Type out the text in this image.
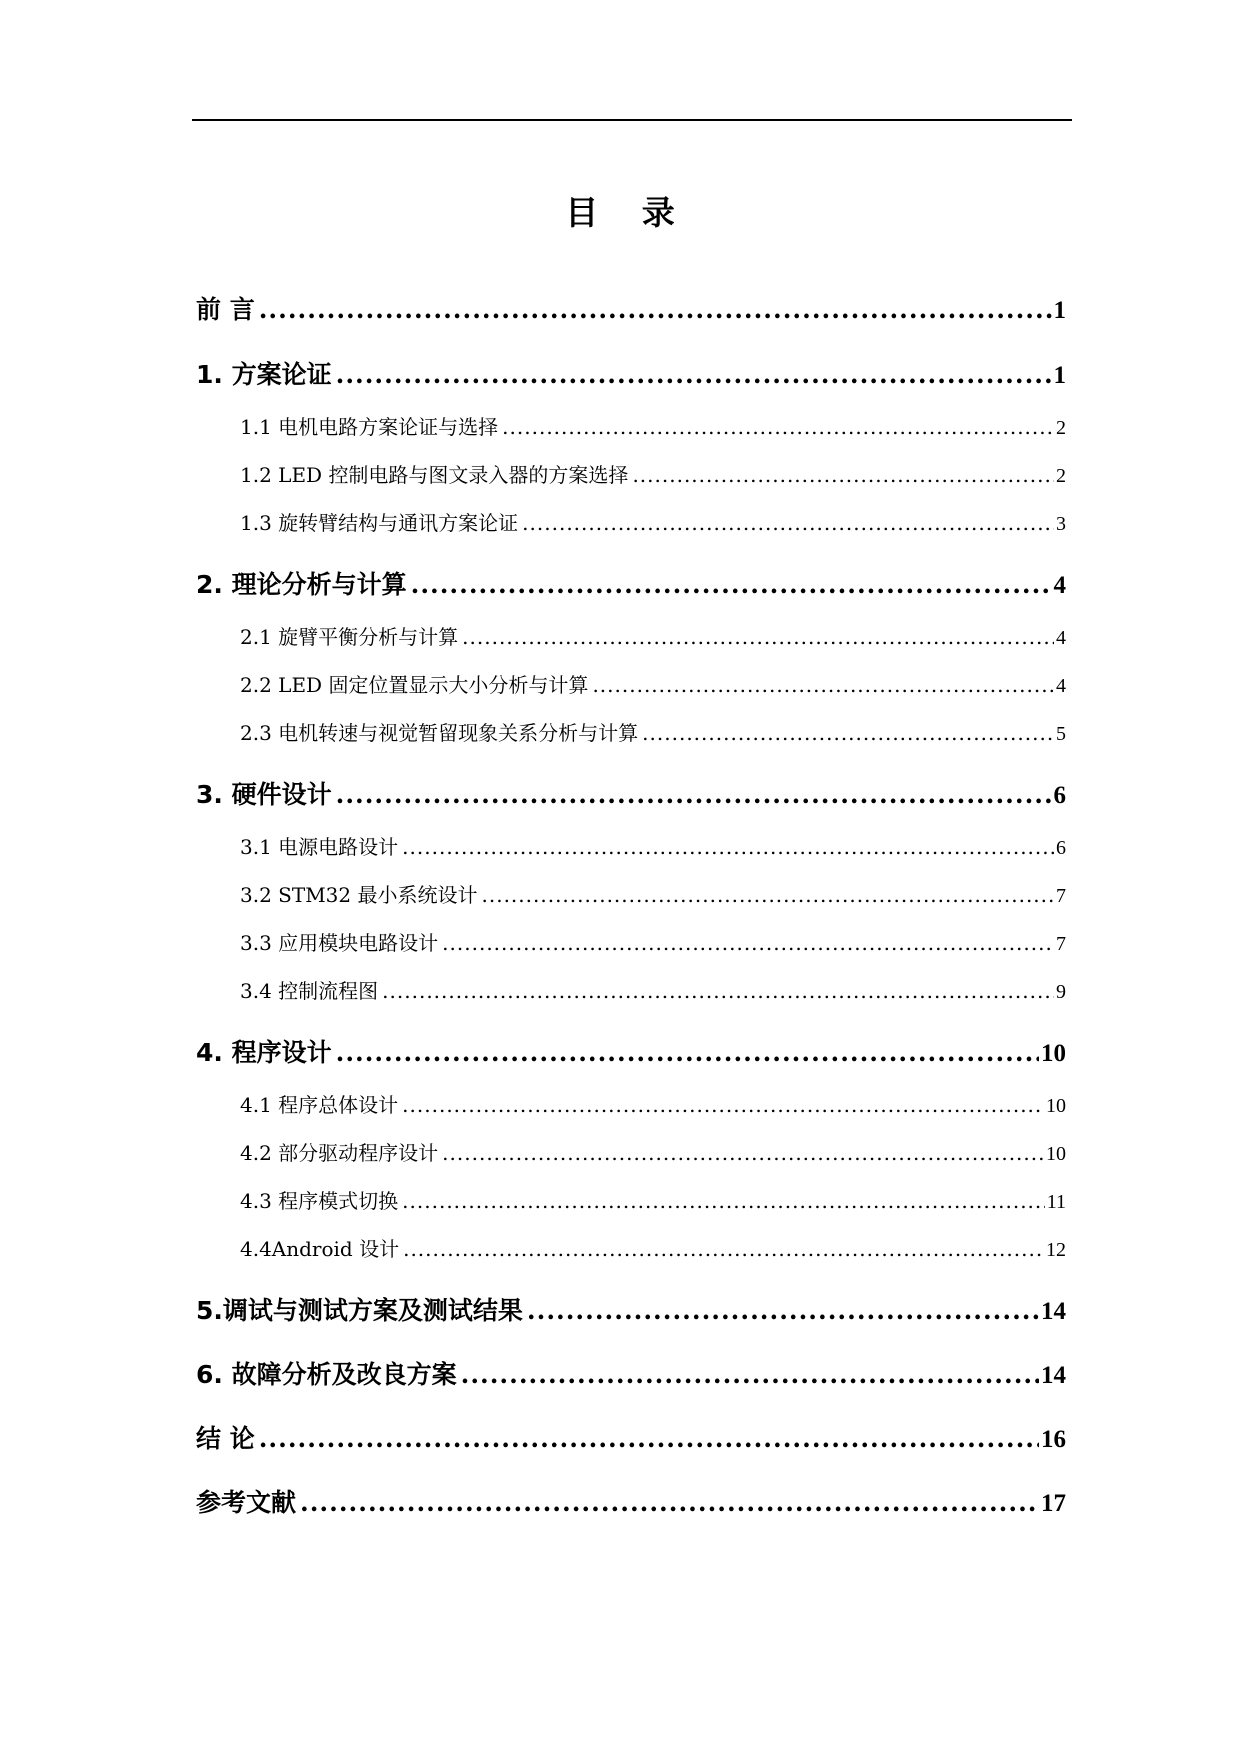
目 录
前 言 .....	1
1. 方案论证 .....	1
1.1 电机电路方案论证与选择 .....	2
1.2 LED 控制电路与图文录入器的方案选择 .....	2
1.3 旋转臂结构与通讯方案论证 .....	3
2. 理论分析与计算 .....	4
2.1 旋臂平衡分析与计算 .....	4
2.2 LED 固定位置显示大小分析与计算 .....	4
2.3 电机转速与视觉暂留现象关系分析与计算 .....	5
3. 硬件设计 .....	6
3.1 电源电路设计 .....	6
3.2 STM32 最小系统设计 .....	7
3.3 应用模块电路设计 .....	7
3.4 控制流程图 .....	9
4. 程序设计 .....	10
4.1 程序总体设计 .....	10
4.2 部分驱动程序设计 .....	10
4.3 程序模式切换 .....	11
4.4Android 设计 .....	12
5.调试与测试方案及测试结果 .....	14
6. 故障分析及改良方案 .....	14
结 论 .....	16
参考文献 .....	17
